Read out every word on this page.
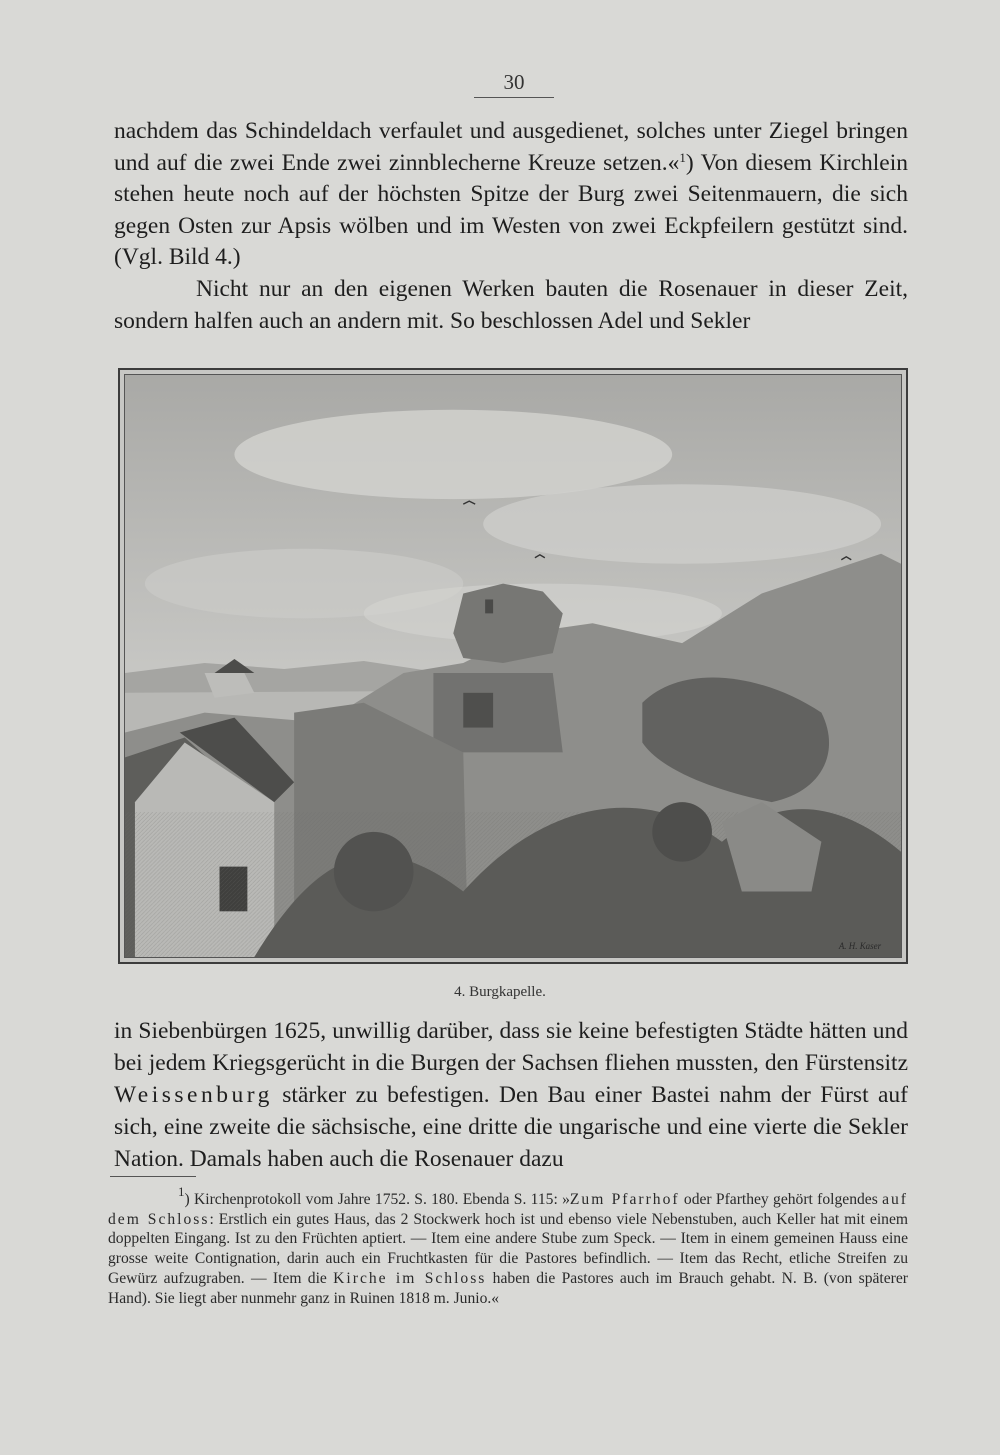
30

nachdem das Schindeldach verfaulet und ausgedienet, solches unter Ziegel bringen und auf die zwei Ende zwei zinnblecherne Kreuze setzen.«$^1$) Von diesem Kirchlein stehen heute noch auf der höchsten Spitze der Burg zwei Seitenmauern, die sich gegen Osten zur Apsis wölben und im Westen von zwei Eckpfeilern gestützt sind. (Vgl. Bild 4.)

Nicht nur an den eigenen Werken bauten die Rosenauer in dieser Zeit, sondern halfen auch an andern mit. So beschlossen Adel und Sekler

A. H. Kaser
4. Burgkapelle.

in Siebenbürgen 1625, unwillig darüber, dass sie keine befestigten Städte hätten und bei jedem Kriegsgerücht in die Burgen der Sachsen fliehen mussten, den Fürstensitz Weissenburg stärker zu befestigen. Den Bau einer Bastei nahm der Fürst auf sich, eine zweite die sächsische, eine dritte die ungarische und eine vierte die Sekler Nation. Damals haben auch die Rosenauer dazu

$^1$) Kirchenprotokoll vom Jahre 1752. S. 180. Ebenda S. 115: »Zum Pfarrhof oder Pfarthey gehört folgendes auf dem Schloss: Erstlich ein gutes Haus, das 2 Stockwerk hoch ist und ebenso viele Nebenstuben, auch Keller hat mit einem doppelten Eingang. Ist zu den Früchten aptiert. — Item eine andere Stube zum Speck. — Item in einem gemeinen Hauss eine grosse weite Contignation, darin auch ein Fruchtkasten für die Pastores befindlich. — Item das Recht, etliche Streifen zu Gewürz aufzugraben. — Item die Kirche im Schloss haben die Pastores auch im Brauch gehabt. N. B. (von späterer Hand). Sie liegt aber nunmehr ganz in Ruinen 1818 m. Junio.«
